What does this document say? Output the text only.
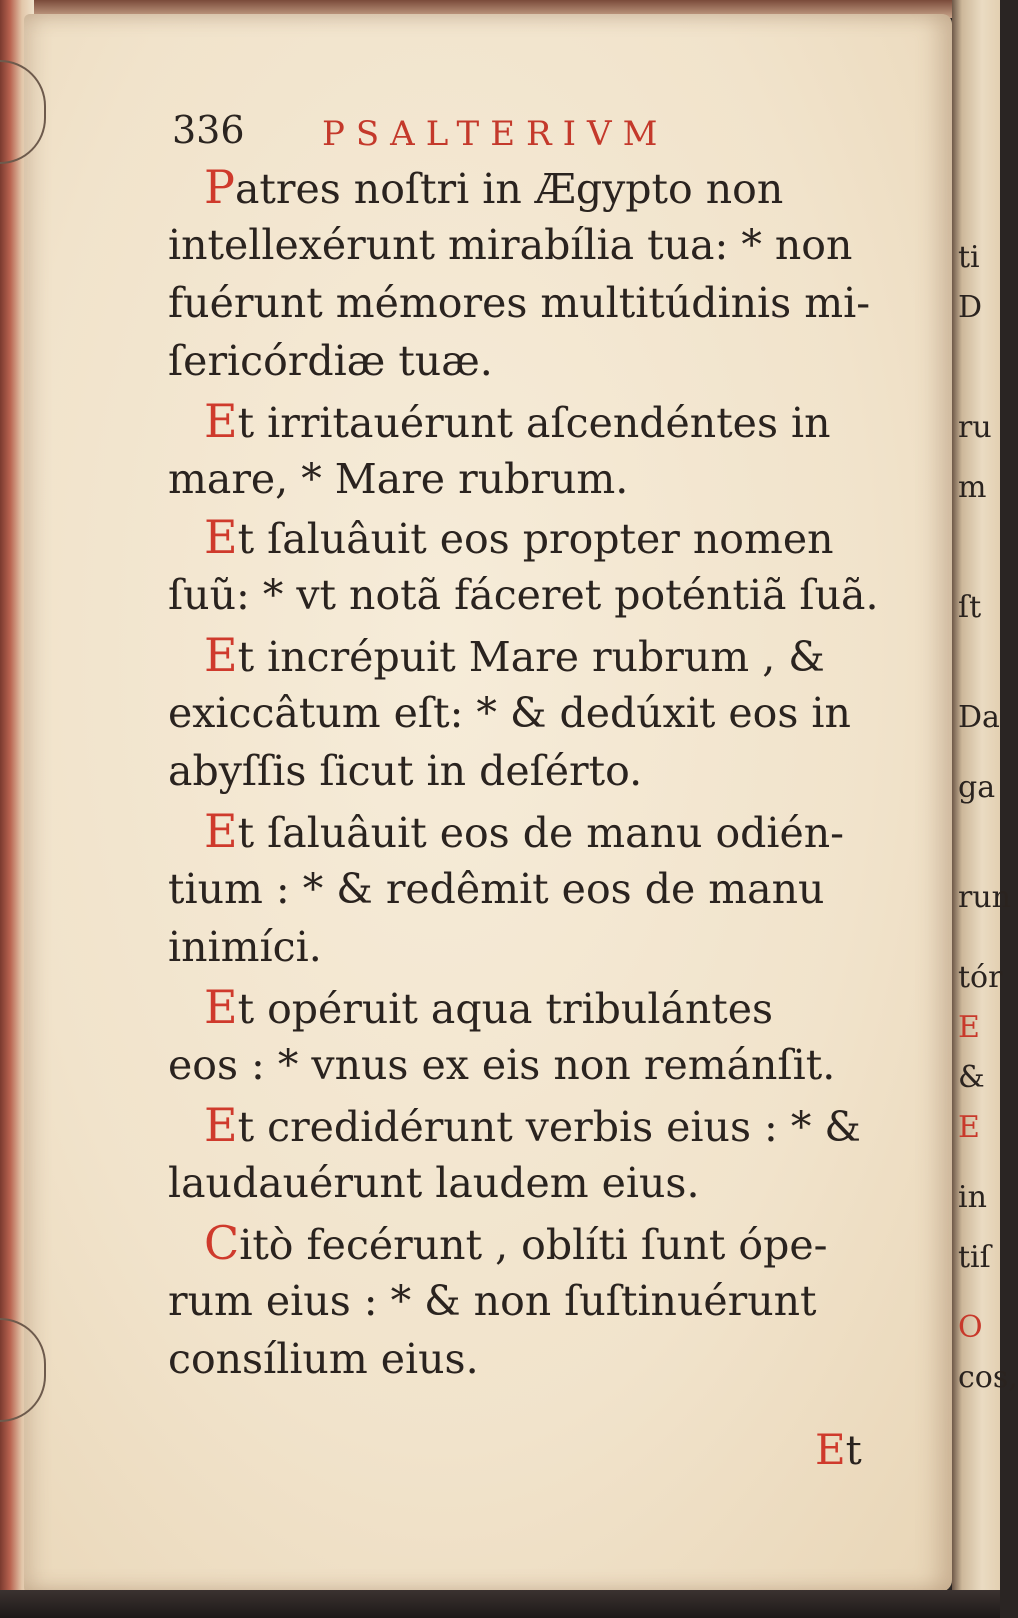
336 PSALTERIVM
Patres noſtri in Ægypto non
intellexérunt mirabília tua: * non
fuérunt mémores multitúdinis mi-
ſericórdiæ tuæ.
Et irritauérunt aſcendéntes in
mare, * Mare rubrum.
Et ſaluâuit eos propter nomen
ſuũ: * vt notã fáceret poténtiã ſuã.
Et incrépuit Mare rubrum , &
exiccâtum eſt: * & dedúxit eos in
abyſſis ſicut in deſérto.
Et ſaluâuit eos de manu odién-
tium : * & redêmit eos de manu
inimíci.
Et opéruit aqua tribulántes
eos : * vnus ex eis non remánſit.
Et credidérunt verbis eius : * &
laudauérunt laudem eius.
Citò fecérunt , oblíti ſunt ópe-
rum eius : * & non ſuſtinuérunt
consílium eius.
Et
ti
D
ru
m
ſt
Da
ga
run
tór
E
&
E
in
tiſ
O
cos,
